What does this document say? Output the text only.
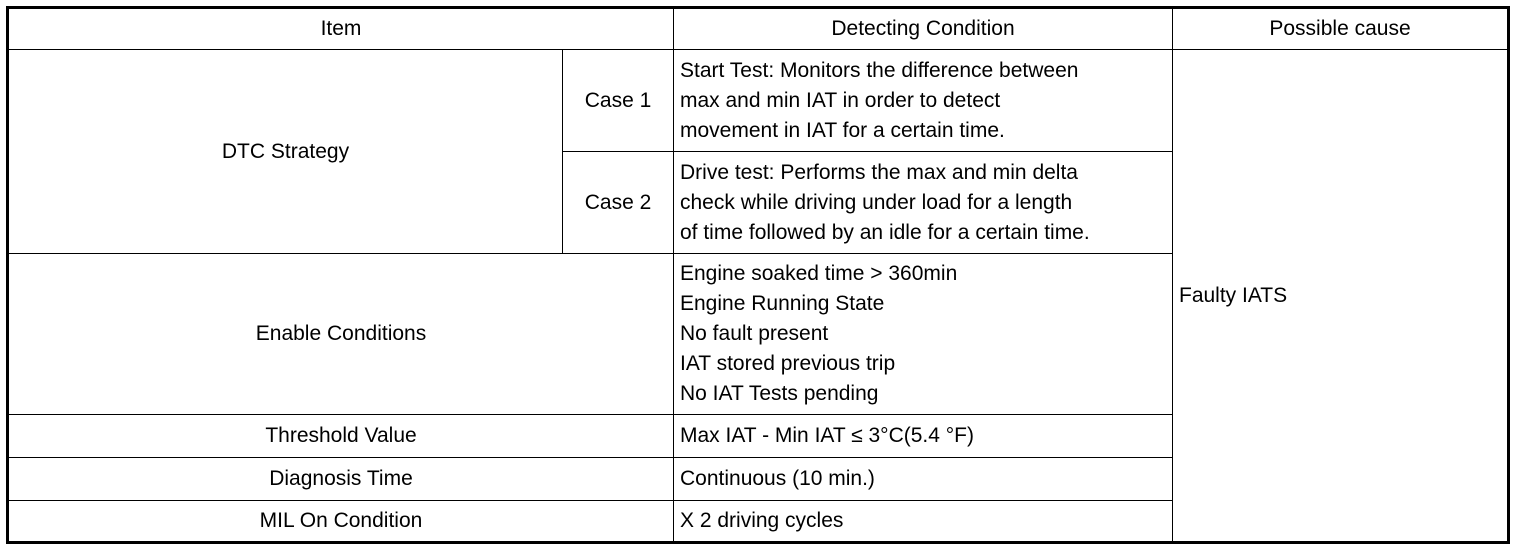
Item		Detecting Condition	Possible cause
DTC Strategy	Case 1	Start Test: Monitors the difference between
max and min IAT in order to detect
movement in IAT for a certain time.	Faulty IATS
	Case 2	Drive test: Performs the max and min delta
check while driving under load for a length
of time followed by an idle for a certain time.	

Enable Conditions		Engine soaked time > 360min
Engine Running State
No fault present
IAT stored previous trip
No IAT Tests pending	

Threshold Value		Max IAT - Min IAT ≤ 3°C(5.4 °F)	
Diagnosis Time		Continuous (10 min.)	
MIL On Condition		X 2 driving cycles	
